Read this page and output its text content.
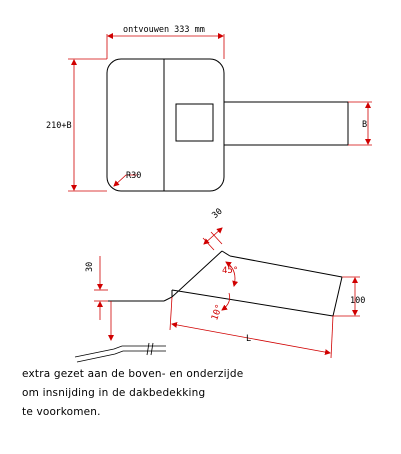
ontvouwen 333 mm
210+B	B
R30
30
30	45°
10°
100
L
extra gezet aan de boven- en onderzijde
om insnijding in de dakbedekking
te voorkomen.
